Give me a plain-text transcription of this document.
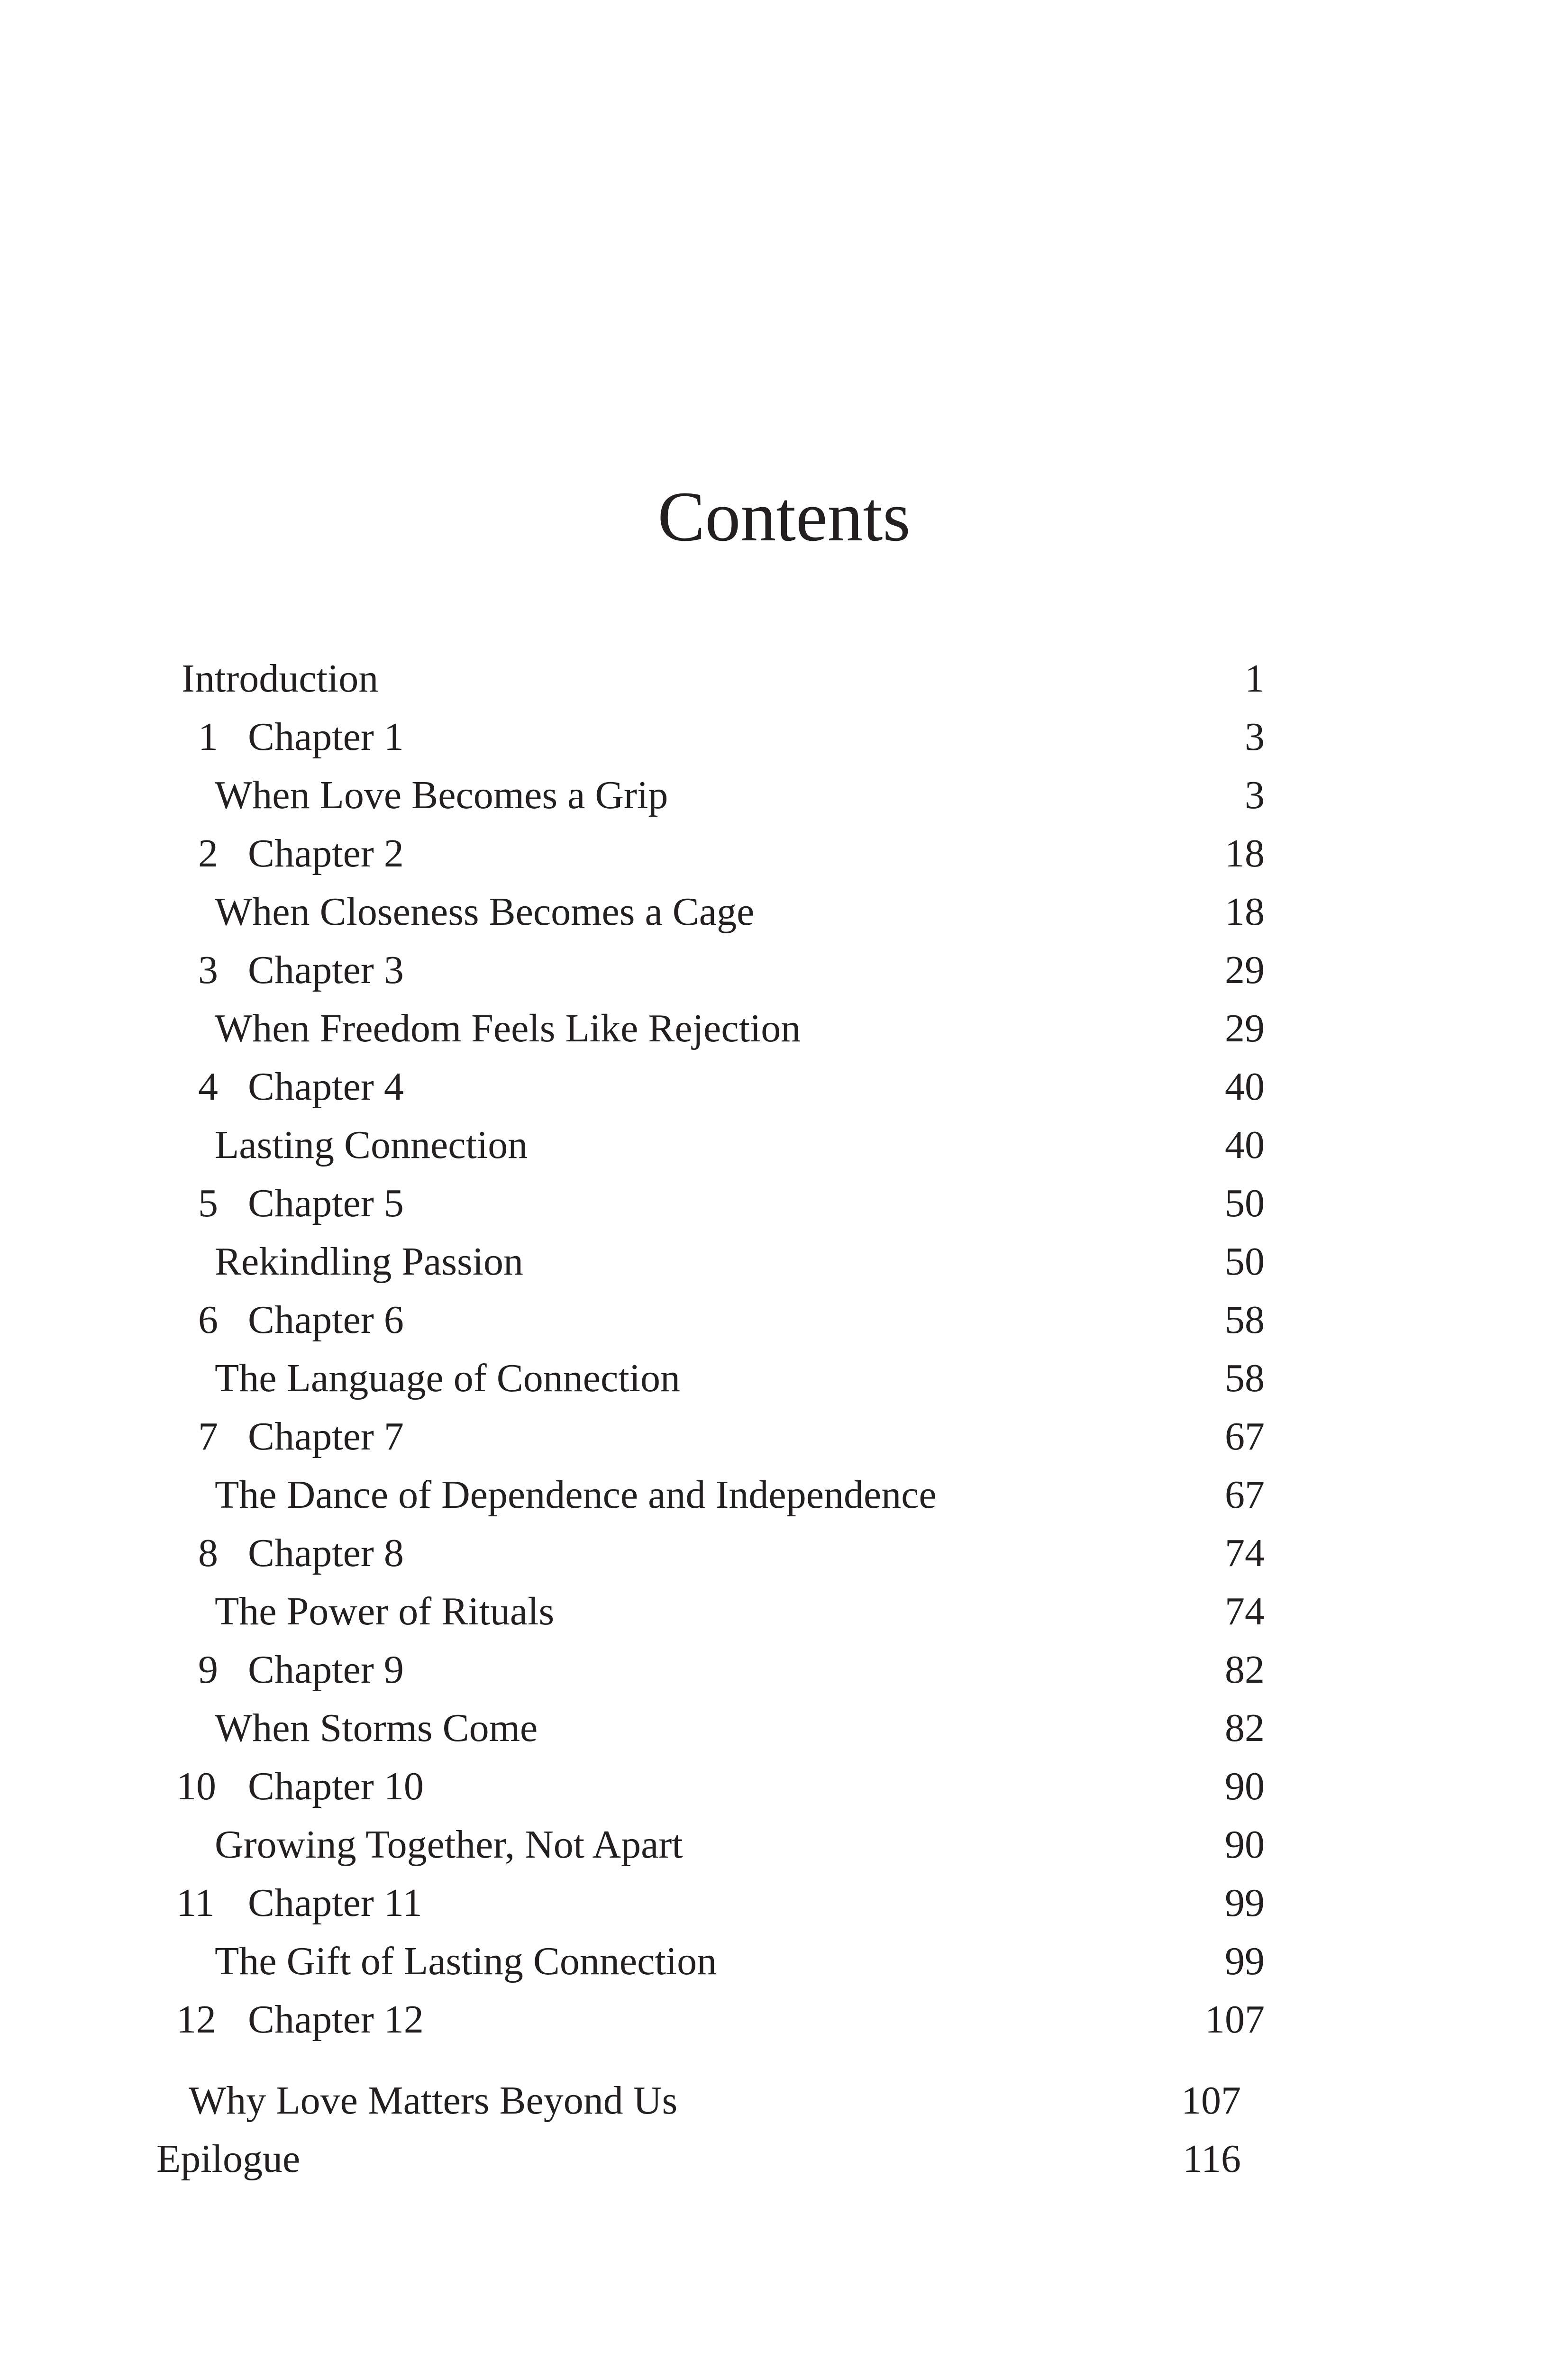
Contents
Introduction	1
1 Chapter 1	3
When Love Becomes a Grip	3
2 Chapter 2	18
When Closeness Becomes a Cage	18
3 Chapter 3	29
When Freedom Feels Like Rejection	29
4 Chapter 4	40
Lasting Connection	40
5 Chapter 5	50
Rekindling Passion	50
6 Chapter 6	58
The Language of Connection	58
7 Chapter 7	67
The Dance of Dependence and Independence	67
8 Chapter 8	74
The Power of Rituals	74
9 Chapter 9	82
When Storms Come	82
10 Chapter 10	90
Growing Together, Not Apart	90
11 Chapter 11	99
The Gift of Lasting Connection	99
12 Chapter 12	107
Why Love Matters Beyond Us	107
Epilogue	116
